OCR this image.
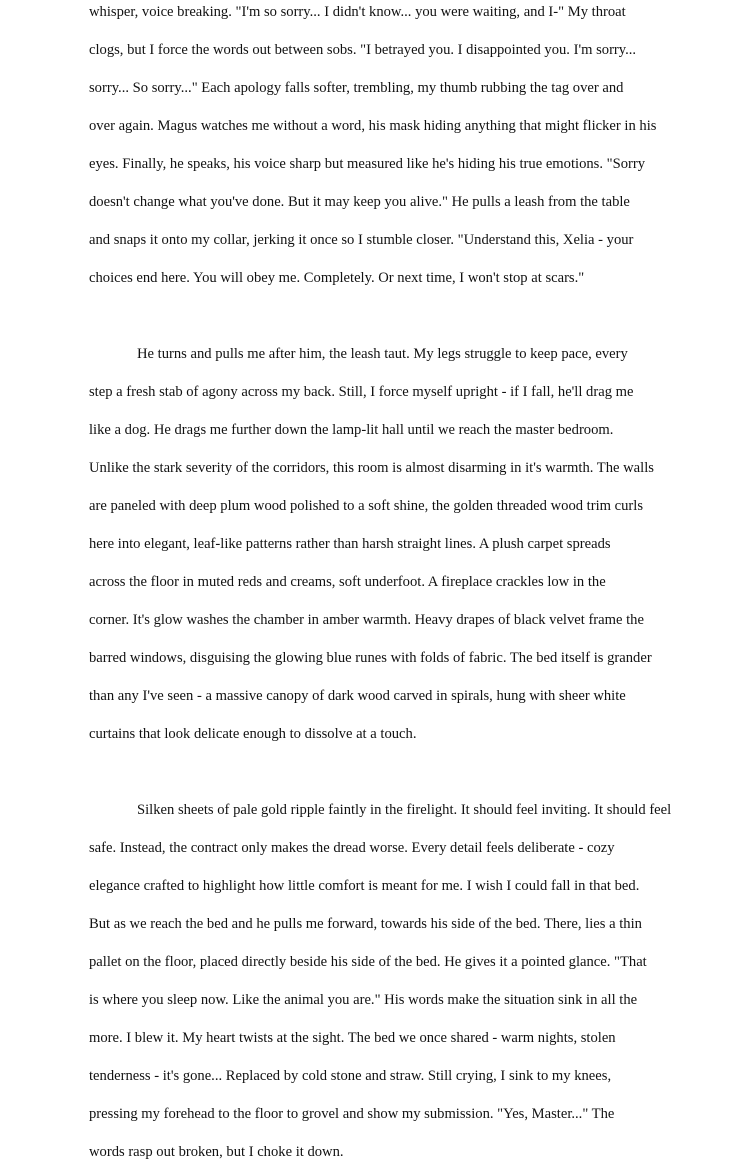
whisper, voice breaking. "I'm so sorry... I didn't know... you were waiting, and I-" My throat
clogs, but I force the words out between sobs. "I betrayed you. I disappointed you. I'm sorry...
sorry... So sorry..." Each apology falls softer, trembling, my thumb rubbing the tag over and
over again. Magus watches me without a word, his mask hiding anything that might flicker in his
eyes. Finally, he speaks, his voice sharp but measured like he's hiding his true emotions. "Sorry
doesn't change what you've done. But it may keep you alive." He pulls a leash from the table
and snaps it onto my collar, jerking it once so I stumble closer. "Understand this, Xelia - your
choices end here. You will obey me. Completely. Or next time, I won't stop at scars."
He turns and pulls me after him, the leash taut. My legs struggle to keep pace, every
step a fresh stab of agony across my back. Still, I force myself upright - if I fall, he'll drag me
like a dog. He drags me further down the lamp-lit hall until we reach the master bedroom.
Unlike the stark severity of the corridors, this room is almost disarming in it's warmth. The walls
are paneled with deep plum wood polished to a soft shine, the golden threaded wood trim curls
here into elegant, leaf-like patterns rather than harsh straight lines. A plush carpet spreads
across the floor in muted reds and creams, soft underfoot. A fireplace crackles low in the
corner. It's glow washes the chamber in amber warmth. Heavy drapes of black velvet frame the
barred windows, disguising the glowing blue runes with folds of fabric. The bed itself is grander
than any I've seen - a massive canopy of dark wood carved in spirals, hung with sheer white
curtains that look delicate enough to dissolve at a touch.
Silken sheets of pale gold ripple faintly in the firelight. It should feel inviting. It should feel
safe. Instead, the contract only makes the dread worse. Every detail feels deliberate - cozy
elegance crafted to highlight how little comfort is meant for me. I wish I could fall in that bed.
But as we reach the bed and he pulls me forward, towards his side of the bed. There, lies a thin
pallet on the floor, placed directly beside his side of the bed. He gives it a pointed glance. "That
is where you sleep now. Like the animal you are." His words make the situation sink in all the
more. I blew it. My heart twists at the sight. The bed we once shared - warm nights, stolen
tenderness - it's gone... Replaced by cold stone and straw. Still crying, I sink to my knees,
pressing my forehead to the floor to grovel and show my submission. "Yes, Master..." The
words rasp out broken, but I choke it down.
